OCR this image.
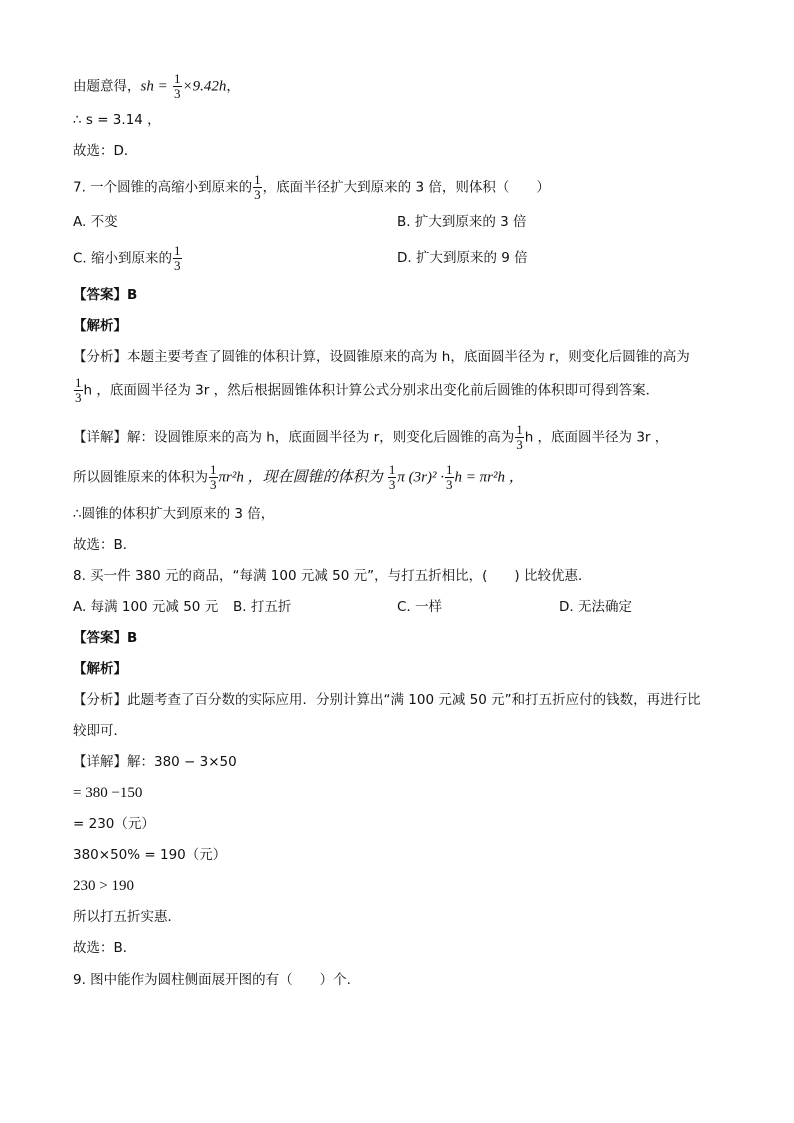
由题意得，sh = $\frac{1}{3} \times 9.42h$，
∴ s = 3.14 ，
故选：D．
7. 一个圆锥的高缩小到原来的 $\frac{1}{3}$ ，底面半径扩大到原来的 3 倍，则体积（　　）
A. 不变	B. 扩大到原来的 3 倍
C. 缩小到原来的 $\frac{1}{3}$	D. 扩大到原来的 9 倍
【答案】B
【解析】
【分析】本题主要考查了圆锥的体积计算，设圆锥原来的高为 h，底面圆半径为 r，则变化后圆锥的高为
$\frac{1}{3}$ h ，底面圆半径为 3r ，然后根据圆锥体积计算公式分别求出变化前后圆锥的体积即可得到答案．
【详解】解：设圆锥原来的高为 h，底面圆半径为 r，则变化后圆锥的高为 $\frac{1}{3}$ h ，底面圆半径为 3r ，
所以圆锥原来的体积为 $\frac{1}{3} \pi r^2h$ ，现在圆锥的体积为 $\frac{1}{3}$ π $(3r)^2 \cdot \frac{1}{3}$ h = πr²h ，
∴圆锥的体积扩大到原来的 3 倍，
故选：B．
8. 买一件 380 元的商品，“每满 100 元减 50 元”，与打五折相比，(　　) 比较优惠．
A. 每满 100 元减 50 元 B. 打五折	C. 一样	D. 无法确定
【答案】B
【解析】
【分析】此题考查了百分数的实际应用．分别计算出“满 100 元减 50 元”和打五折应付的钱数，再进行比
较即可．
【详解】解：380 − 3×50
= 380 −150
= 230（元）
380×50% = 190（元）
230 > 190
所以打五折实惠．
故选：B．
9. 图中能作为圆柱侧面展开图的有（　　）个.
